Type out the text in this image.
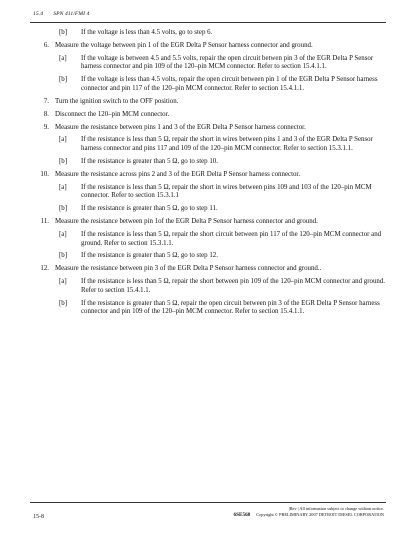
15.4 SPN 411/FMI 4
[b]	If the voltage is less than 4.5 volts, go to step 6.
6. Measure the voltage between pin 1 of the EGR Delta P Sensor harness connector and ground.
[a]	If the voltage is between 4.5 and 5.5 volts, repair the open circuit betwen pin 3 of the EGR Delta P Sensor harness connector and pin 109 of the 120–pin MCM connector. Refer to section 15.4.1.1.
[b]	If the voltage is less than 4.5 volts, repair the open circuit between pin 1 of the EGR Delta P Sensor harness connector and pin 117 of the 120–pin MCM connector. Refer to section 15.4.1.1.
7. Turn the ignition switch to the OFF position.
8. Disconnect the 120–pin MCM connector.
9. Measure the resistance between pins 1 and 3 of the EGR Delta P Sensor harness connector.
[a]	If the resistance is less than 5 Ω, repair the short in wires between pins 1 and 3 of the EGR Delta P Sensor harness connector and pins 117 and 109 of the 120–pin MCM connector. Refer to section 15.3.1.1.
[b]	If the resistance is greater than 5 Ω, go to step 10.
10. Measure the resistance across pins 2 and 3 of the EGR Delta P Sensor harness connector.
[a]	If the resistance is less than 5 Ω, repair the short in wires between pins 109 and 103 of the 120–pin MCM connector. Refer to section 15.3.1.1
[b]	If the resistance is greater than 5 Ω, go to step 11.
11. Measure the resistance between pin 1of the EGR Delta P Sensor harness connector and ground.
[a]	If the resistance is less than 5 Ω, repair the short circuit between pin 117 of the 120–pin MCM connector and ground. Refer to section 15.3.1.1.
[b]	If the resistance is greater than 5 Ω, go to step 12.
12. Measure the resistance between pin 3 of the EGR Delta P Sensor harness connector and ground..
[a]	If the resistance is less than 5 Ω, repair the short between pin 109 of the 120–pin MCM connector and ground. Refer to section 15.4.1.1.
[b]	If the resistance is greater than 5 Ω, repair the open circuit between pin 3 of the EGR Delta P Sensor harness connector and pin 109 of the 120–pin MCM connector. Refer to section 15.4.1.1.
15-8
|Rev | All information subject to change without notice.
6SE568 Copyright © PRELIMINARY 2007 DETROIT DIESEL CORPORATION
